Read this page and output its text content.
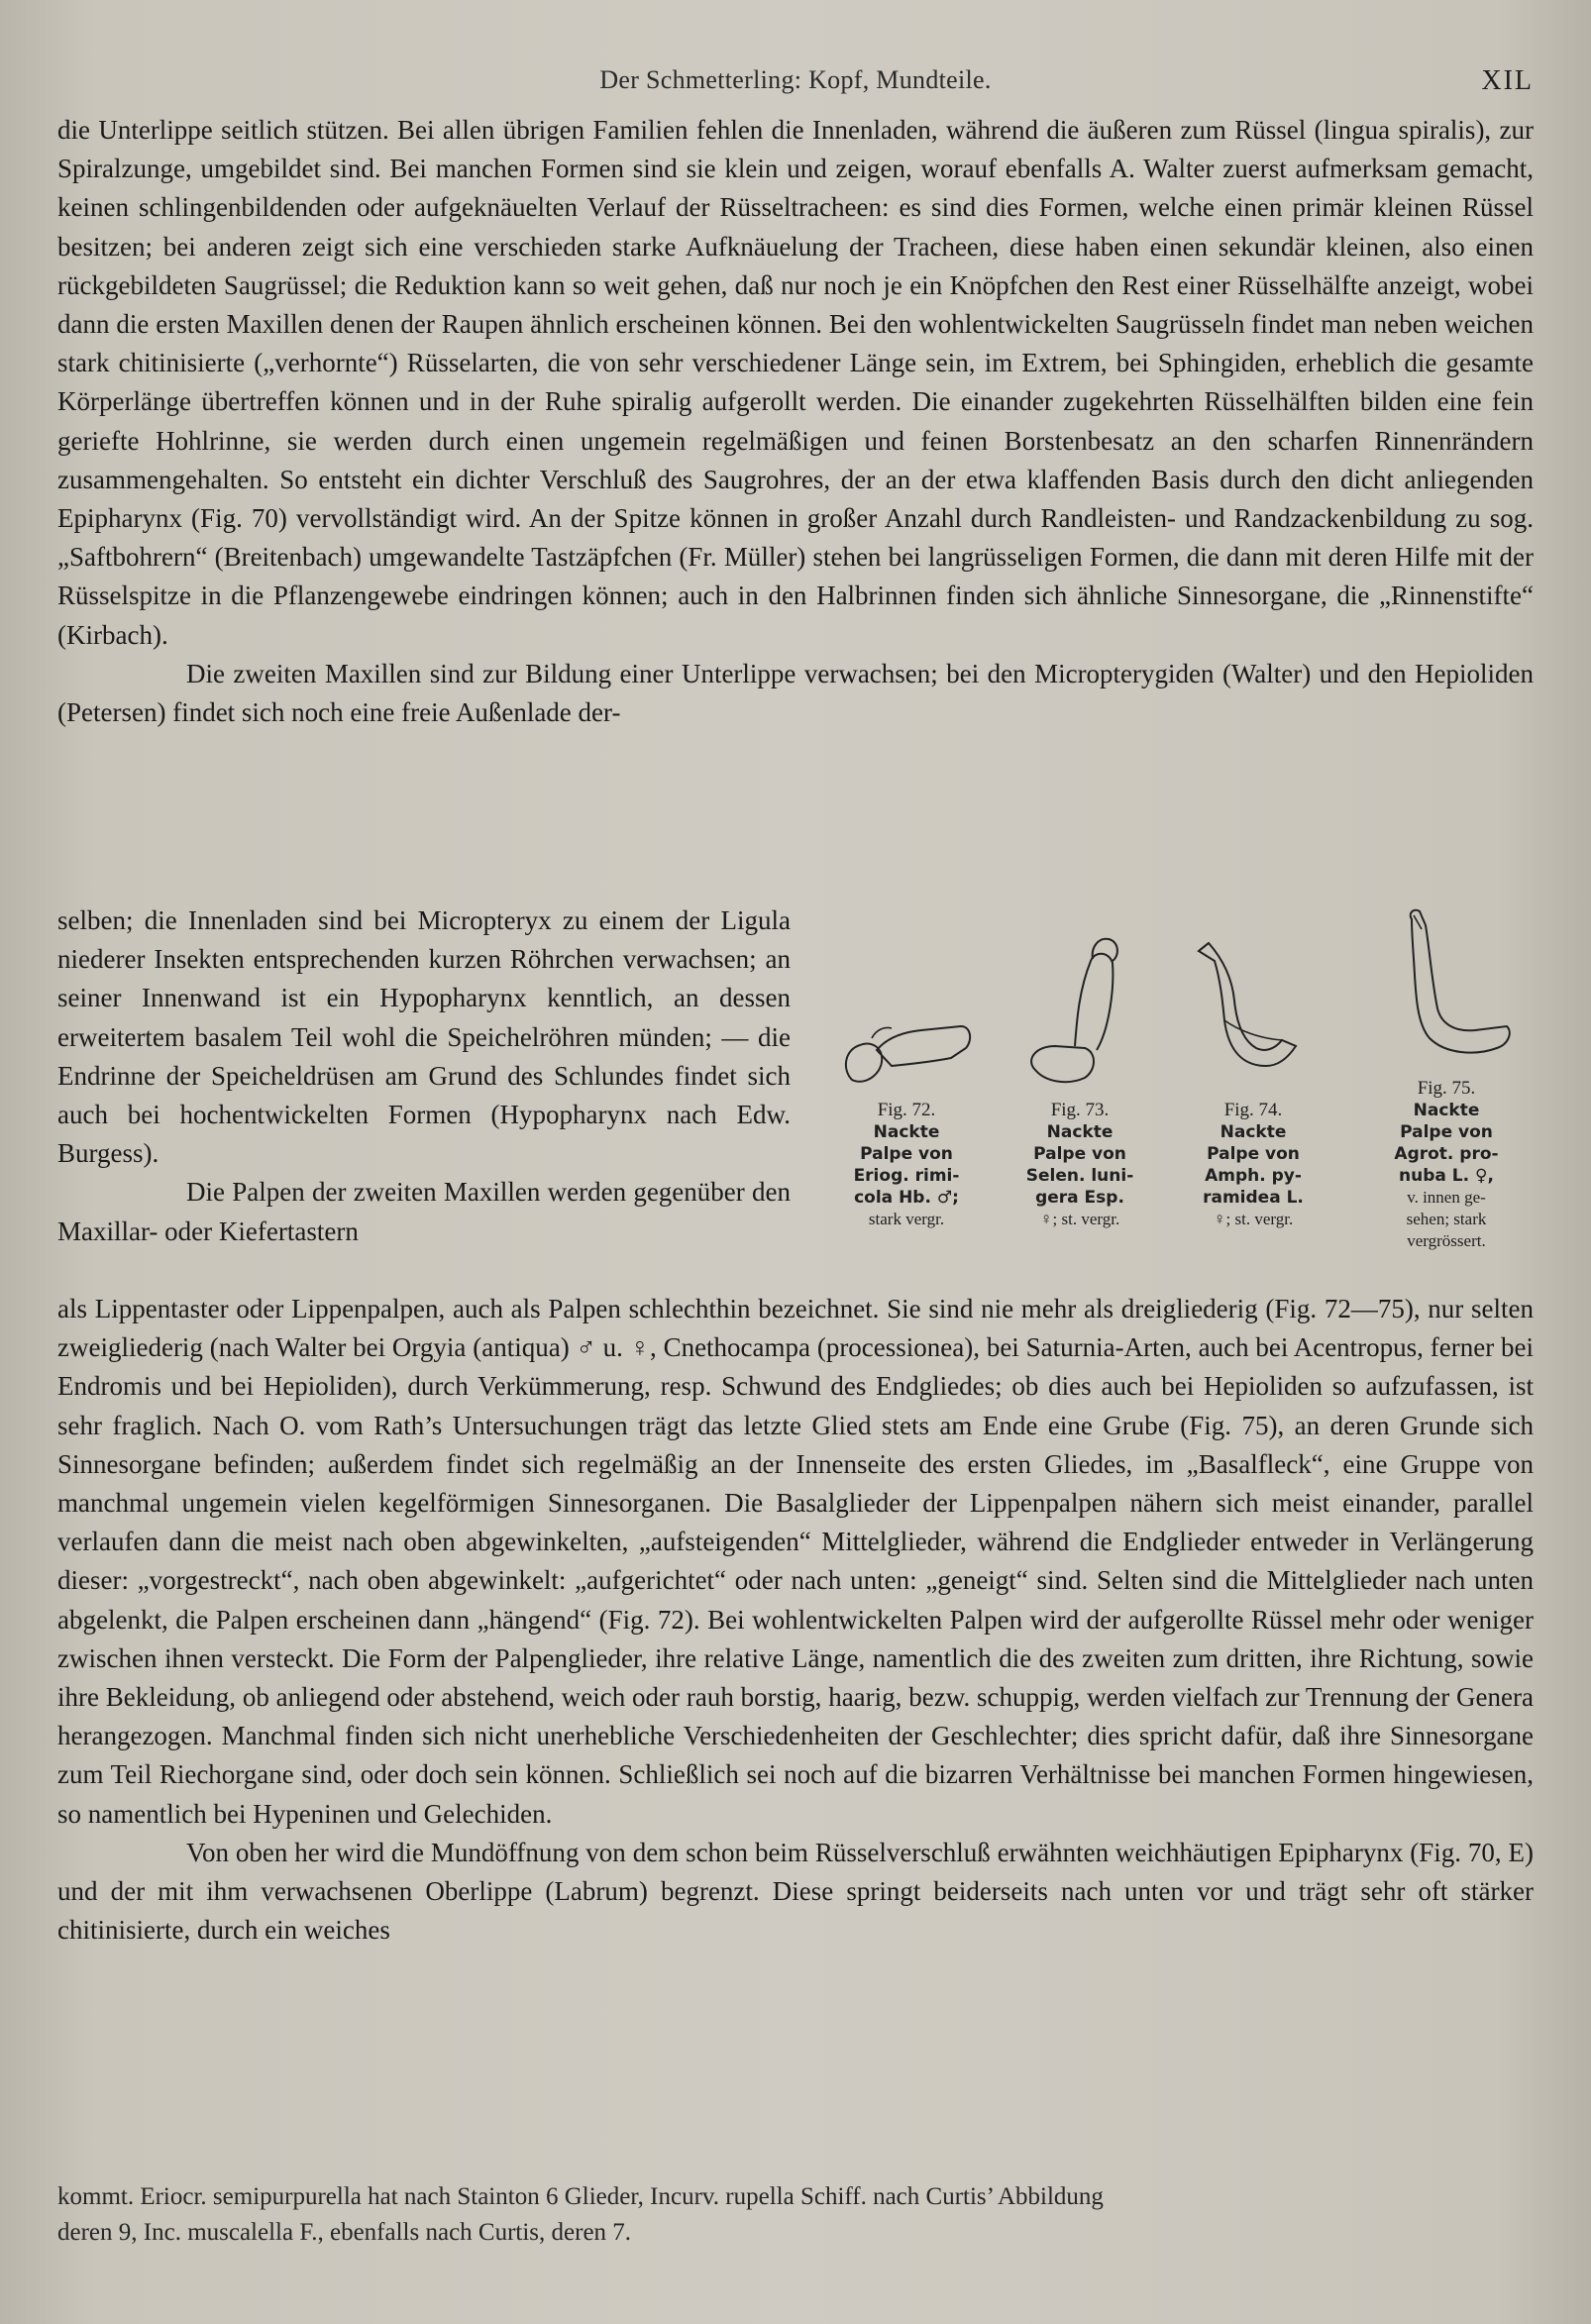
Der Schmetterling: Kopf, Mundteile.	XIL

die Unterlippe seitlich stützen. Bei allen übrigen Familien fehlen die Innenladen, während die äußeren zum Rüssel (lingua spiralis), zur Spiralzunge, umgebildet sind. Bei manchen Formen sind sie klein und zeigen, worauf ebenfalls A. Walter zuerst aufmerksam gemacht, keinen schlingenbildenden oder aufgeknäuelten Verlauf der Rüsseltracheen: es sind dies Formen, welche einen primär kleinen Rüssel besitzen; bei anderen zeigt sich eine verschieden starke Aufknäuelung der Tracheen, diese haben einen sekundär kleinen, also einen rückgebildeten Saugrüssel; die Reduktion kann so weit gehen, daß nur noch je ein Knöpfchen den Rest einer Rüsselhälfte anzeigt, wobei dann die ersten Maxillen denen der Raupen ähnlich erscheinen können. Bei den wohlentwickelten Saugrüsseln findet man neben weichen stark chitinisierte („verhornte“) Rüsselarten, die von sehr verschiedener Länge sein, im Extrem, bei Sphingiden, erheblich die gesamte Körperlänge übertreffen können und in der Ruhe spiralig aufgerollt werden. Die einander zugekehrten Rüsselhälften bilden eine fein gerieftе Hohlrinne, sie werden durch einen ungemein regelmäßigen und feinen Borstenbesatz an den scharfen Rinnenrändern zusammengehalten. So entsteht ein dichter Verschluß des Saugrohres, der an der etwa klaffenden Basis durch den dicht anliegenden Epipharynx (Fig. 70) vervollständigt wird. An der Spitze können in großer Anzahl durch Randleisten- und Randzackenbildung zu sog. „Saftbohrern“ (Breitenbach) umgewandelte Tastzäpfchen (Fr. Müller) stehen bei langrüsseligen Formen, die dann mit deren Hilfe mit der Rüsselspitze in die Pflanzengewebe eindringen können; auch in den Halbrinnen finden sich ähnliche Sinnesorgane, die „Rinnenstifte“ (Kirbach).

Die zweiten Maxillen sind zur Bildung einer Unterlippe verwachsen; bei den Micropterygiden (Walter) und den Hepioliden (Petersen) findet sich noch eine freie Außenlade der-

selben; die Innenladen sind bei Micropteryx zu einem der Ligula niederer Insekten entsprechenden kurzen Röhrchen verwachsen; an seiner Innenwand ist ein Hypopharynx kenntlich, an dessen erweitertem basalem Teil wohl die Speichelröhren münden; — die Endrinne der Speicheldrüsen am Grund des Schlundes findet sich auch bei hochentwickelten Formen (Hypopharynx nach Edw. Burgess).

Die Palpen der zweiten Maxillen werden gegenüber den Maxillar- oder Kiefertastern

Fig. 72.
Nackte
Palpe von
Eriog. rimi-
cola Hb. ♂;
stark vergr.
Fig. 73.
Nackte
Palpe von
Selen. luni-
gera Esp.
♀; st. vergr.
Fig. 74.
Nackte
Palpe von
Amph. py-
ramidea L.
♀; st. vergr.
Fig. 75.
Nackte
Palpe von
Agrot. pro-
nuba L. ♀,
v. innen ge-
sehen; stark
vergrössert.

als Lippentaster oder Lippenpalpen, auch als Palpen schlechthin bezeichnet. Sie sind nie mehr als dreigliederig (Fig. 72—75), nur selten zweigliederig (nach Walter bei Orgyia (antiqua) ♂ u. ♀, Cnethocampa (processionea), bei Saturnia-Arten, auch bei Acentropus, ferner bei Endromis und bei Hepioliden), durch Verkümmerung, resp. Schwund des Endgliedes; ob dies auch bei Hepioliden so aufzufassen, ist sehr fraglich. Nach O. vom Rath’s Untersuchungen trägt das letzte Glied stets am Ende eine Grube (Fig. 75), an deren Grunde sich Sinnesorgane befinden; außerdem findet sich regelmäßig an der Innenseite des ersten Gliedes, im „Basalfleck“, eine Gruppe von manchmal ungemein vielen kegelförmigen Sinnesorganen. Die Basalglieder der Lippenpalpen nähern sich meist einander, parallel verlaufen dann die meist nach oben abgewinkelten, „aufsteigenden“ Mittelglieder, während die Endglieder entweder in Verlängerung dieser: „vorgestreckt“, nach oben abgewinkelt: „aufgerichtet“ oder nach unten: „geneigt“ sind. Selten sind die Mittelglieder nach unten abgelenkt, die Palpen erscheinen dann „hängend“ (Fig. 72). Bei wohlentwickelten Palpen wird der aufgerollte Rüssel mehr oder weniger zwischen ihnen versteckt. Die Form der Palpenglieder, ihre relative Länge, namentlich die des zweiten zum dritten, ihre Richtung, sowie ihre Bekleidung, ob anliegend oder abstehend, weich oder rauh borstig, haarig, bezw. schuppig, werden vielfach zur Trennung der Genera herangezogen. Manchmal finden sich nicht unerhebliche Verschiedenheiten der Geschlechter; dies spricht dafür, daß ihre Sinnesorgane zum Teil Riechorgane sind, oder doch sein können. Schließlich sei noch auf die bizarren Verhältnisse bei manchen Formen hingewiesen, so namentlich bei Hypeninen und Gelechiden.

Von oben her wird die Mundöffnung von dem schon beim Rüsselverschluß erwähnten weichhäutigen Epipharynx (Fig. 70, E) und der mit ihm verwachsenen Oberlippe (Labrum) begrenzt. Diese springt beiderseits nach unten vor und trägt sehr oft stärker chitinisierte, durch ein weiches

kommt. Eriocr. semipurpurella hat nach Stainton 6 Glieder, Incurv. rupella Schiff. nach Curtis’ Abbildung

deren 9, Inc. muscalella F., ebenfalls nach Curtis, deren 7.
